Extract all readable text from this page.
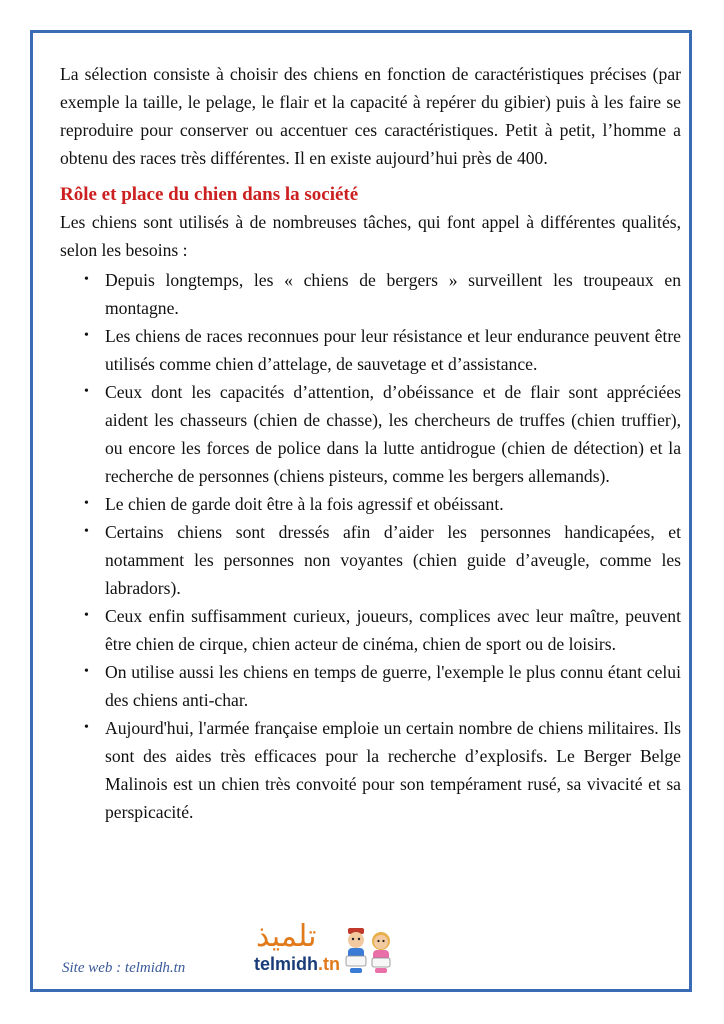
La sélection consiste à choisir des chiens en fonction de caractéristiques précises (par exemple la taille, le pelage, le flair et la capacité à repérer du gibier) puis à les faire se reproduire pour conserver ou accentuer ces caractéristiques. Petit à petit, l’homme a obtenu des races très différentes. Il en existe aujourd’hui près de 400.

Rôle et place du chien dans la société

Les chiens sont utilisés à de nombreuses tâches, qui font appel à différentes qualités, selon les besoins :

• Depuis longtemps, les « chiens de bergers » surveillent les troupeaux en montagne.
• Les chiens de races reconnues pour leur résistance et leur endurance peuvent être utilisés comme chien d’attelage, de sauvetage et d’assistance.
• Ceux dont les capacités d’attention, d’obéissance et de flair sont appréciées aident les chasseurs (chien de chasse), les chercheurs de truffes (chien truffier), ou encore les forces de police dans la lutte antidrogue (chien de détection) et la recherche de personnes (chiens pisteurs, comme les bergers allemands).
• Le chien de garde doit être à la fois agressif et obéissant.
• Certains chiens sont dressés afin d’aider les personnes handicapées, et notamment les personnes non voyantes (chien guide d’aveugle, comme les labradors).
• Ceux enfin suffisamment curieux, joueurs, complices avec leur maître, peuvent être chien de cirque, chien acteur de cinéma, chien de sport ou de loisirs.
• On utilise aussi les chiens en temps de guerre, l'exemple le plus connu étant celui des chiens anti-char.
• Aujourd'hui, l'armée française emploie un certain nombre de chiens militaires. Ils sont des aides très efficaces pour la recherche d’explosifs. Le Berger Belge Malinois est un chien très convoité pour son tempérament rusé, sa vivacité et sa perspicacité.
Site web : telmidh.tn
تلميذ
telmidh.tn
